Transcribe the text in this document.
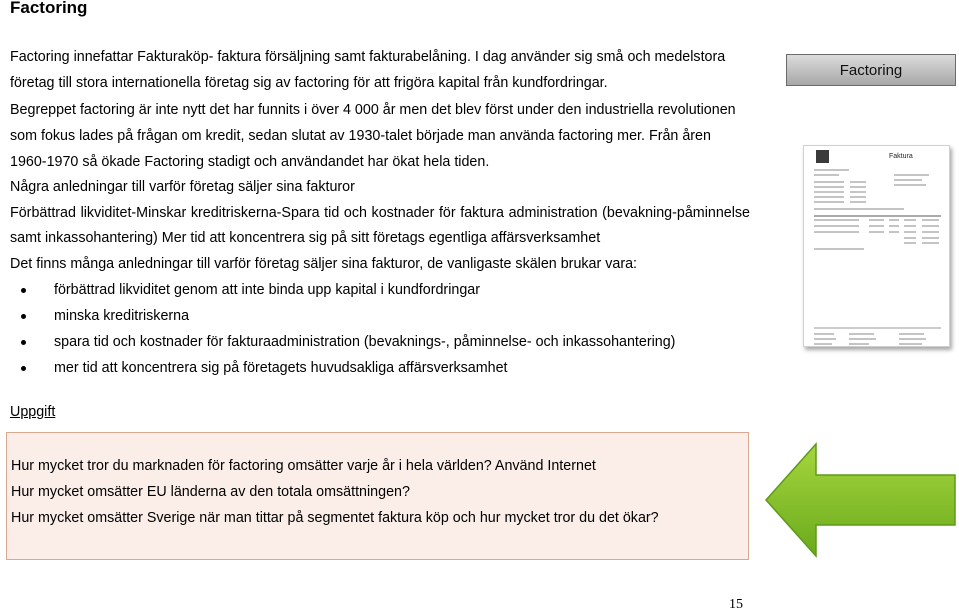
Factoring

Factoring innefattar Fakturaköp- faktura försäljning samt fakturabelåning. I dag använder sig små och medelstora företag till stora internationella företag sig av factoring för att frigöra kapital från kundfordringar.

Begreppet factoring är inte nytt det har funnits i över 4 000 år men det blev först under den industriella revolutionen som fokus lades på frågan om kredit, sedan slutat av 1930-talet började man använda factoring mer. Från åren 1960-1970 så ökade Factoring stadigt och användandet har ökat hela tiden.

Några anledningar till varför företag säljer sina fakturor

Förbättrad likviditet-Minskar kreditriskerna-Spara tid och kostnader för faktura administration (bevakning-påminnelse samt inkassohantering) Mer tid att koncentrera sig på sitt företags egentliga affärsverksamhet

Det finns många anledningar till varför företag säljer sina fakturor, de vanligaste skälen brukar vara:

förbättrad likviditet genom att inte binda upp kapital i kundfordringar
minska kreditriskerna
spara tid och kostnader för fakturaadministration (bevaknings-, påminnelse- och inkassohantering)
mer tid att koncentrera sig på företagets huvudsakliga affärsverksamhet
Factoring
Faktura
Uppgift

Hur mycket tror du marknaden för factoring omsätter varje år i hela världen? Använd Internet

Hur mycket omsätter EU länderna av den totala omsättningen?

Hur mycket omsätter Sverige när man tittar på segmentet faktura köp och hur mycket tror du det ökar?

15
